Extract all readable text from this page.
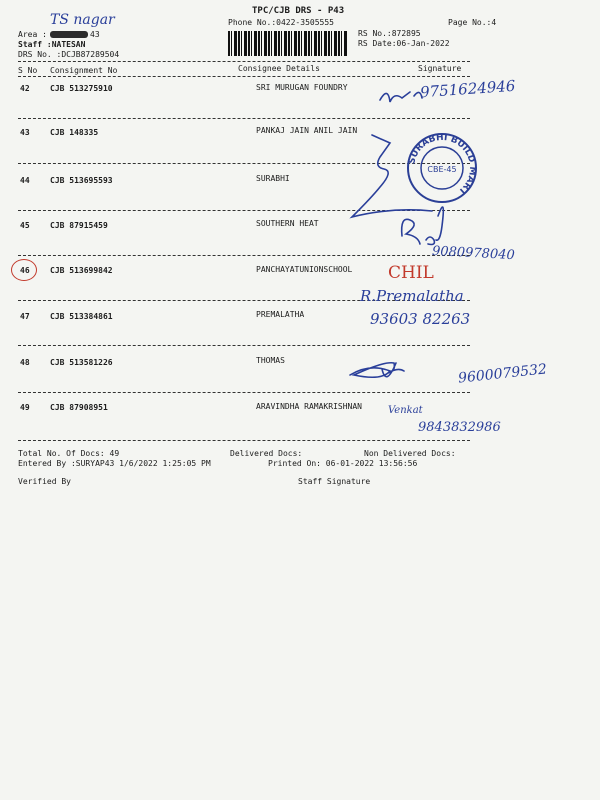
TS nagar
TPC/CJB DRS - P43
Phone No.:0422-3505555	Page No.:4
Area :	43
Staff :NATESAN
DRS No. :DCJB87289504
RS No.:872895
RS Date:06-Jan-2022
S No Consignment No	Consignee Details	Signature
42	CJB 513275910	SRI MURUGAN FOUNDRY
43	CJB 148335	PANKAJ JAIN ANIL JAIN
44	CJB 513695593	SURABHI
45	CJB 87915459	SOUTHERN HEAT
46	CJB 513699842	PANCHAYATUNIONSCHOOL
47	CJB 513384861	PREMALATHA
48	CJB 513581226	THOMAS
49	CJB 87908951	ARAVINDHA RAMAKRISHNAN
9751624946
9080978040
CHIL
R.Premalatha
93603 82263
9600079532
Venkat
9843832986
SURABHI BUILD MART
CBE-45
Total No. Of Docs: 49	Delivered Docs:	Non Delivered Docs:
Entered By :SURYAP43 1/6/2022 1:25:05 PM	Printed On: 06-01-2022 13:56:56
Verified By	Staff Signature
